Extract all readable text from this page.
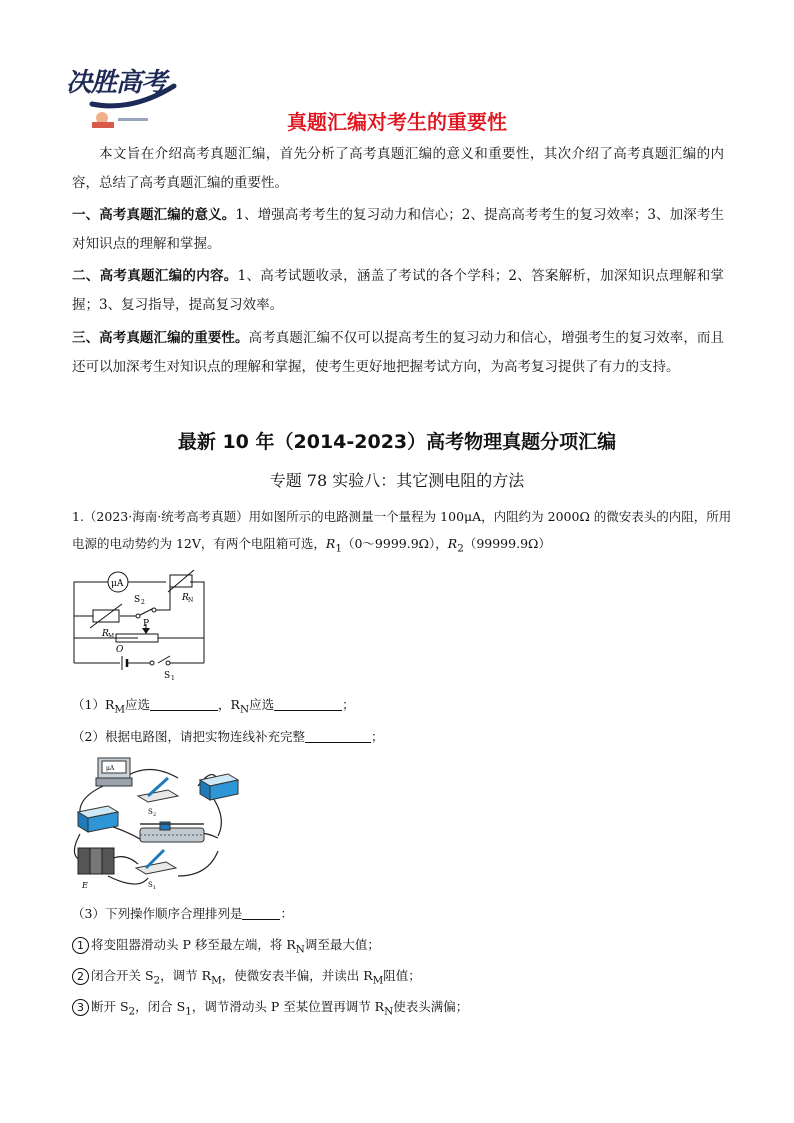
决胜高考
真题汇编对考生的重要性
本文旨在介绍高考真题汇编，首先分析了高考真题汇编的意义和重要性，其次介绍了高考真题汇编的内容，总结了高考真题汇编的重要性。
一、高考真题汇编的意义。1、增强高考考生的复习动力和信心；2、提高高考考生的复习效率；3、加深考生对知识点的理解和掌握。
二、高考真题汇编的内容。1、高考试题收录，涵盖了考试的各个学科；2、答案解析，加深知识点理解和掌握；3、复习指导，提高复习效率。
三、高考真题汇编的重要性。高考真题汇编不仅可以提高考生的复习动力和信心，增强考生的复习效率，而且还可以加深考生对知识点的理解和掌握，使考生更好地把握考试方向，为高考复习提供了有力的支持。
最新 10 年（2014-2023）高考物理真题分项汇编
专题 78 实验八：其它测电阻的方法
1.（2023·海南·统考高考真题）用如图所示的电路测量一个量程为 100μA，内阻约为 2000Ω 的微安表头的内阻，所用电源的电动势约为 12V，有两个电阻箱可选，$R_1(0\sim 9999.9\Omega)$，$R_2(99999.9\Omega)$
μA
S 2	R N
R M
P
O
S 1
$(1)R_M$应选	，$R_N$应选	；
（2）根据电路图，请把实物连线补充完整	；
μA
S 2
E	S 1
（3）下列操作顺序合理排列是	：
1 将变阻器滑动头 P 移至最左端，将 $R_N$调至最大值；
2 闭合开关 $S_2$，调节 $R_M$，使微安表半偏，并读出 $R_M$阻值；
3 断开 $S_2$，闭合 $S_1$，调节滑动头 P 至某位置再调节 $R_N$使表头满偏；
